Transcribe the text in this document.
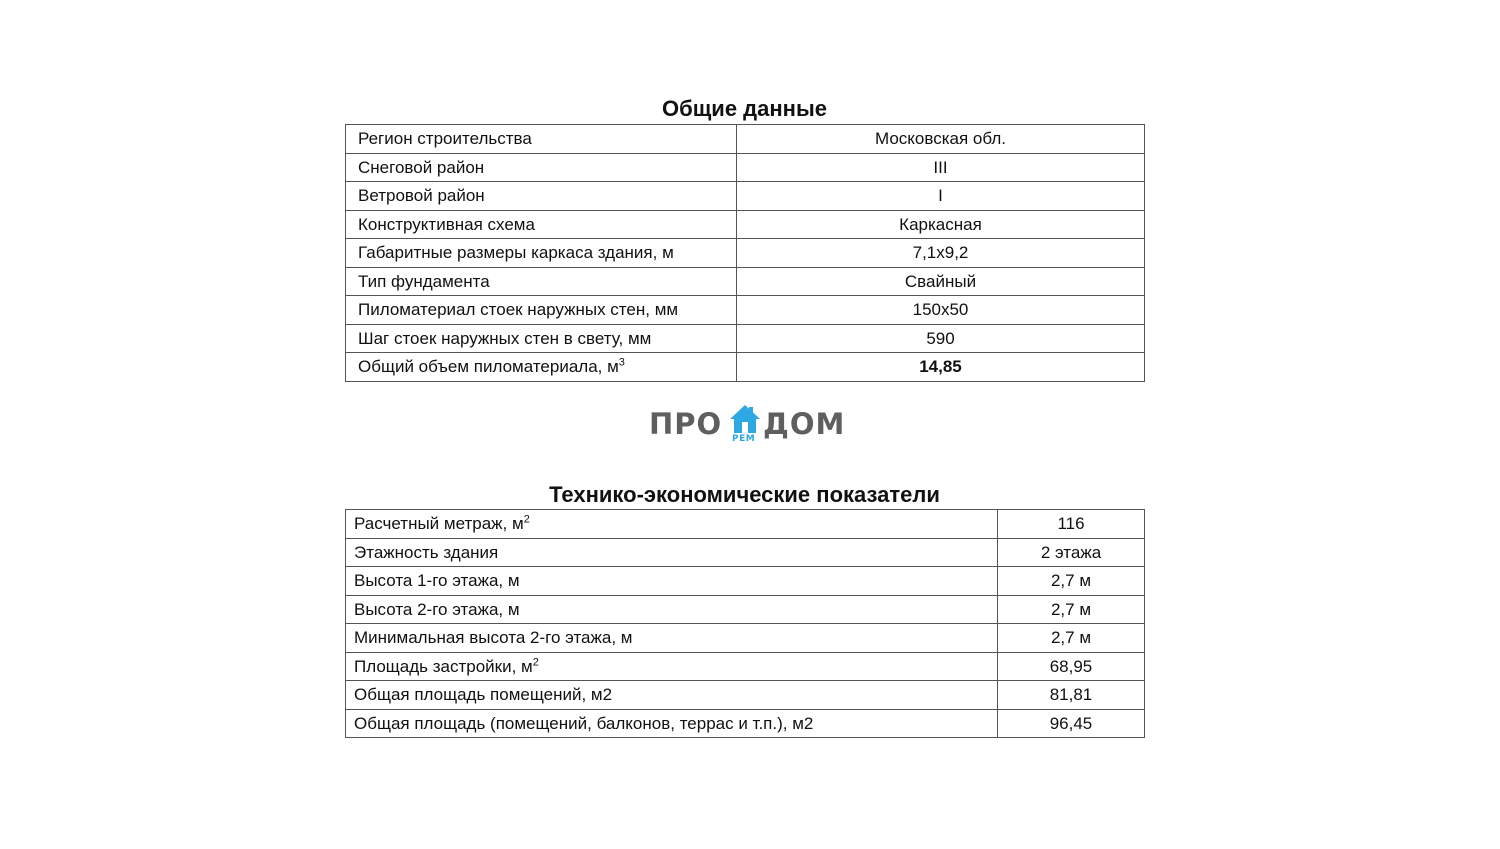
Общие данные
Регион строительства	Московская обл.
Снеговой район	III
Ветровой район	I
Конструктивная схема	Каркасная
Габаритные размеры каркаса здания, м	7,1x9,2
Тип фундамента	Свайный
Пиломатериал стоек наружных стен, мм	150x50
Шаг стоек наружных стен в свету, мм	590
Общий объем пиломатериала, $м^3$	14,85
ПРО РЕМ ДОМ
Технико-экономические показатели
Расчетный метраж, $м^2$	116
Этажность здания	2 этажа
Высота 1-го этажа, м	2,7 м
Высота 2-го этажа, м	2,7 м
Минимальная высота 2-го этажа, м	2,7 м
Площадь застройки, $м^2$	68,95
Общая площадь помещений, м2	81,81
Общая площадь (помещений, балконов, террас и т.п.), м2	96,45
